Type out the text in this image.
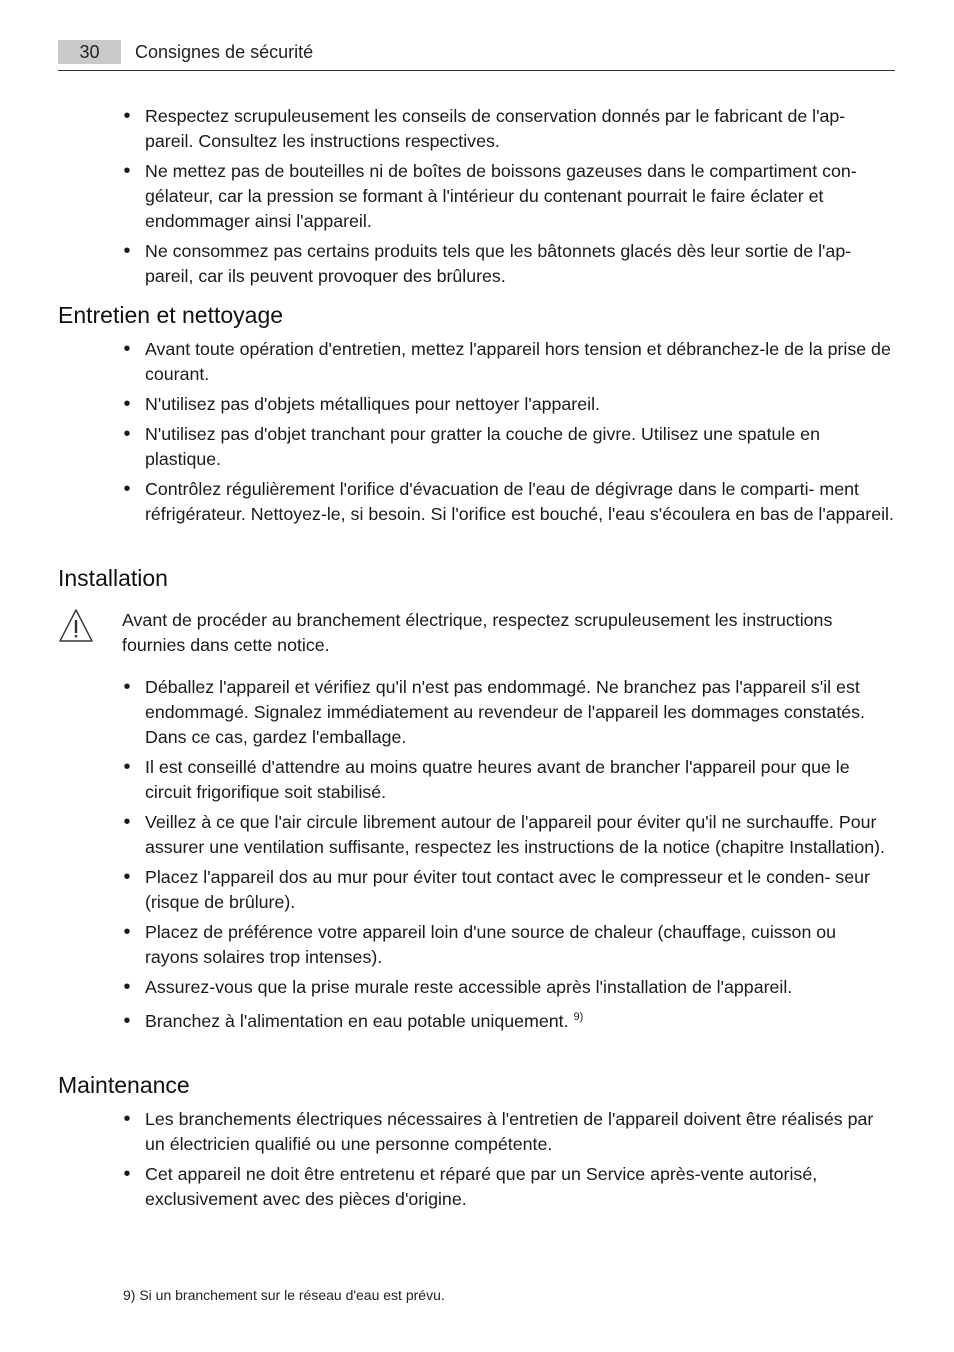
30	Consignes de sécurité
• Respectez scrupuleusement les conseils de conservation donnés par le fabricant de l'ap- pareil. Consultez les instructions respectives.
• Ne mettez pas de bouteilles ni de boîtes de boissons gazeuses dans le compartiment con- gélateur, car la pression se formant à l'intérieur du contenant pourrait le faire éclater et endommager ainsi l'appareil.
• Ne consommez pas certains produits tels que les bâtonnets glacés dès leur sortie de l'ap- pareil, car ils peuvent provoquer des brûlures.
Entretien et nettoyage
• Avant toute opération d'entretien, mettez l'appareil hors tension et débranchez-le de la prise de courant.
• N'utilisez pas d'objets métalliques pour nettoyer l'appareil.
• N'utilisez pas d'objet tranchant pour gratter la couche de givre. Utilisez une spatule en plastique.
• Contrôlez régulièrement l'orifice d'évacuation de l'eau de dégivrage dans le comparti- ment réfrigérateur. Nettoyez-le, si besoin. Si l'orifice est bouché, l'eau s'écoulera en bas de l'appareil.
Installation
Avant de procéder au branchement électrique, respectez scrupuleusement les instructions fournies dans cette notice.
• Déballez l'appareil et vérifiez qu'il n'est pas endommagé. Ne branchez pas l'appareil s'il est endommagé. Signalez immédiatement au revendeur de l'appareil les dommages constatés. Dans ce cas, gardez l'emballage.
• Il est conseillé d'attendre au moins quatre heures avant de brancher l'appareil pour que le circuit frigorifique soit stabilisé.
• Veillez à ce que l'air circule librement autour de l'appareil pour éviter qu'il ne surchauffe. Pour assurer une ventilation suffisante, respectez les instructions de la notice (chapitre Installation).
• Placez l'appareil dos au mur pour éviter tout contact avec le compresseur et le conden- seur (risque de brûlure).
• Placez de préférence votre appareil loin d'une source de chaleur (chauffage, cuisson ou rayons solaires trop intenses).
• Assurez-vous que la prise murale reste accessible après l'installation de l'appareil.
• Branchez à l'alimentation en eau potable uniquement. $^{9)}$
Maintenance
• Les branchements électriques nécessaires à l'entretien de l'appareil doivent être réalisés par un électricien qualifié ou une personne compétente.
• Cet appareil ne doit être entretenu et réparé que par un Service après-vente autorisé, exclusivement avec des pièces d'origine.
9) Si un branchement sur le réseau d'eau est prévu.
